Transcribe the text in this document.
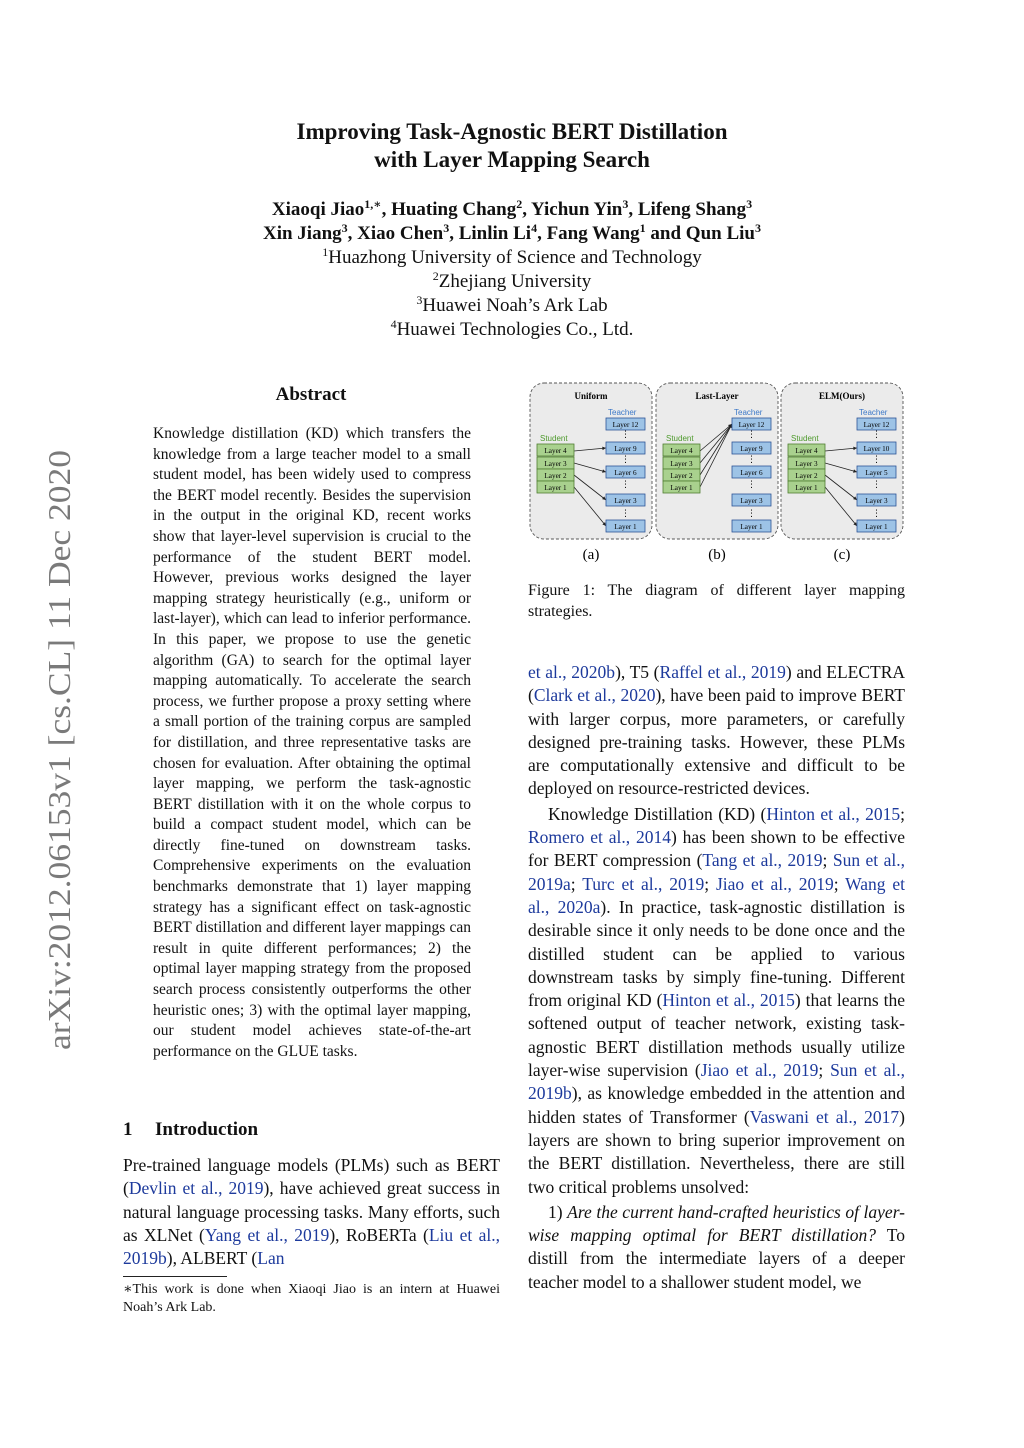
arXiv:2012.06153v1 [cs.CL] 11 Dec 2020
Improving Task-Agnostic BERT Distillation
with Layer Mapping Search
Xiaoqi Jiao$^{1,∗}$, Huating Chang$^2$, Yichun Yin$^3$, Lifeng Shang$^3$
Xin Jiang$^3$, Xiao Chen$^3$, Linlin Li$^4$, Fang Wang$^1$ and Qun Liu$^3$
$^1$Huazhong University of Science and Technology
$^2$Zhejiang University
$^3$Huawei Noah’s Ark Lab
$^4$Huawei Technologies Co., Ltd.
Abstract
Knowledge distillation (KD) which transfers the knowledge from a large teacher model to a small student model, has been widely used to compress the BERT model recently. Besides the supervision in the output in the original KD, recent works show that layer-level supervision is crucial to the performance of the student BERT model. However, previous works designed the layer mapping strategy heuristically (e.g., uniform or last-layer), which can lead to inferior performance. In this paper, we propose to use the genetic algorithm (GA) to search for the optimal layer mapping automatically. To accelerate the search process, we further propose a proxy setting where a small portion of the training corpus are sampled for distillation, and three representative tasks are chosen for evaluation. After obtaining the optimal layer mapping, we perform the task-agnostic BERT distillation with it on the whole corpus to build a compact student model, which can be directly fine-tuned on downstream tasks. Comprehensive experiments on the evaluation benchmarks demonstrate that 1) layer mapping strategy has a significant effect on task-agnostic BERT distillation and different layer mappings can result in quite different performances; 2) the optimal layer mapping strategy from the proposed search process consistently outperforms the other heuristic ones; 3) with the optimal layer mapping, our student model achieves state-of-the-art performance on the GLUE tasks.
1 Introduction

Pre-trained language models (PLMs) such as BERT (Devlin et al., 2019), have achieved great success in natural language processing tasks. Many efforts, such as XLNet (Yang et al., 2019), RoBERTa (Liu et al., 2019b), ALBERT (Lan

∗This work is done when Xiaoqi Jiao is an intern at Huawei Noah’s Ark Lab.
Uniform
Student
Teacher
Layer 4
Layer 3
Layer 2
Layer 1
Layer 12
Layer 9
Layer 6
Layer 3
Layer 1
⋮
⋮
⋮
⋮
(a)
Last-Layer
Student
Teacher
Layer 4
Layer 3
Layer 2
Layer 1
Layer 12
Layer 9
Layer 6
Layer 3
Layer 1
⋮
⋮
⋮
⋮
(b)
ELM(Ours)
Student
Teacher
Layer 4
Layer 3
Layer 2
Layer 1
Layer 12
Layer 10
Layer 5
Layer 3
Layer 1
⋮
⋮
⋮
⋮
(c)
Figure 1: The diagram of different layer mapping strategies.

et al., 2020b), T5 (Raffel et al., 2019) and ELECTRA (Clark et al., 2020), have been paid to improve BERT with larger corpus, more parameters, or carefully designed pre-training tasks. However, these PLMs are computationally extensive and difficult to be deployed on resource-restricted devices.

Knowledge Distillation (KD) (Hinton et al., 2015; Romero et al., 2014) has been shown to be effective for BERT compression (Tang et al., 2019; Sun et al., 2019a; Turc et al., 2019; Jiao et al., 2019; Wang et al., 2020a). In practice, task-agnostic distillation is desirable since it only needs to be done once and the distilled student can be applied to various downstream tasks by simply fine-tuning. Different from original KD (Hinton et al., 2015) that learns the softened output of teacher network, existing task-agnostic BERT distillation methods usually utilize layer-wise supervision (Jiao et al., 2019; Sun et al., 2019b), as knowledge embedded in the attention and hidden states of Transformer (Vaswani et al., 2017) layers are shown to bring superior improvement on the BERT distillation. Nevertheless, there are still two critical problems unsolved:

1) Are the current hand-crafted heuristics of layer-wise mapping optimal for BERT distillation? To distill from the intermediate layers of a deeper teacher model to a shallower student model, we
